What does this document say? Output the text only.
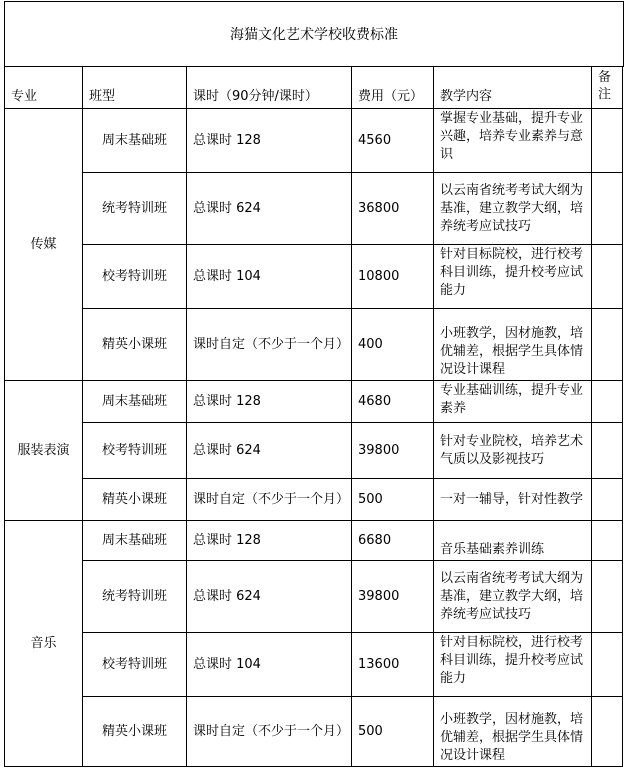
海猫文化艺术学校收费标准
专业	班型	课时（90分钟/课时）	费用（元）	教学内容	备注
传媒	周末基础班	总课时 128	4560	掌握专业基础，提升专业兴趣，培养专业素养与意识	
	统考特训班	总课时 624	36800	以云南省统考考试大纲为基准，建立教学大纲，培养统考应试技巧	
	校考特训班	总课时 104	10800	针对目标院校，进行校考科目训练，提升校考应试能力	
	精英小课班	课时自定（不少于一个月）	400	小班教学，因材施教，培优辅差，根据学生具体情况设计课程	
服装表演	周末基础班	总课时 128	4680	专业基础训练，提升专业素养	
	校考特训班	总课时 624	39800	针对专业院校，培养艺术气质以及影视技巧	
	精英小课班	课时自定（不少于一个月）	500	一对一辅导，针对性教学	
音乐	周末基础班	总课时 128	6680	音乐基础素养训练	
	统考特训班	总课时 624	39800	以云南省统考考试大纲为基准，建立教学大纲，培养统考应试技巧	
	校考特训班	总课时 104	13600	针对目标院校，进行校考科目训练，提升校考应试能力	
	精英小课班	课时自定（不少于一个月）	500	小班教学，因材施教，培优辅差，根据学生具体情况设计课程	
